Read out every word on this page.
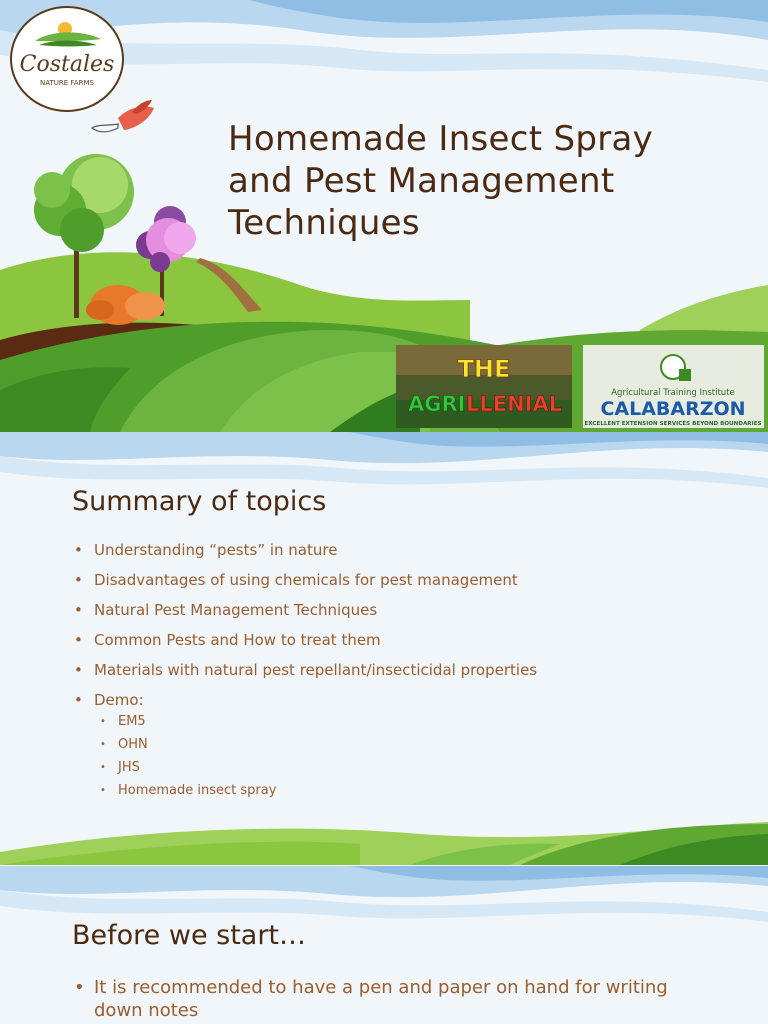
Costales
NATURE FARMS
Homemade Insect Spray
and Pest Management
Techniques
THE
AGRI LLENIAL	Agricultural Training Institute
CALABARZON
EXCELLENT EXTENSION SERVICES BEYOND BOUNDARIES
Summary of topics
• Understanding “pests” in nature
• Disadvantages of using chemicals for pest management
• Natural Pest Management Techniques
• Common Pests and How to treat them
• Materials with natural pest repellant/insecticidal properties
• Demo:
• EM5
• OHN
• JHS
• Homemade insect spray
Before we start…
• It is recommended to have a pen and paper on hand for writing down notes
